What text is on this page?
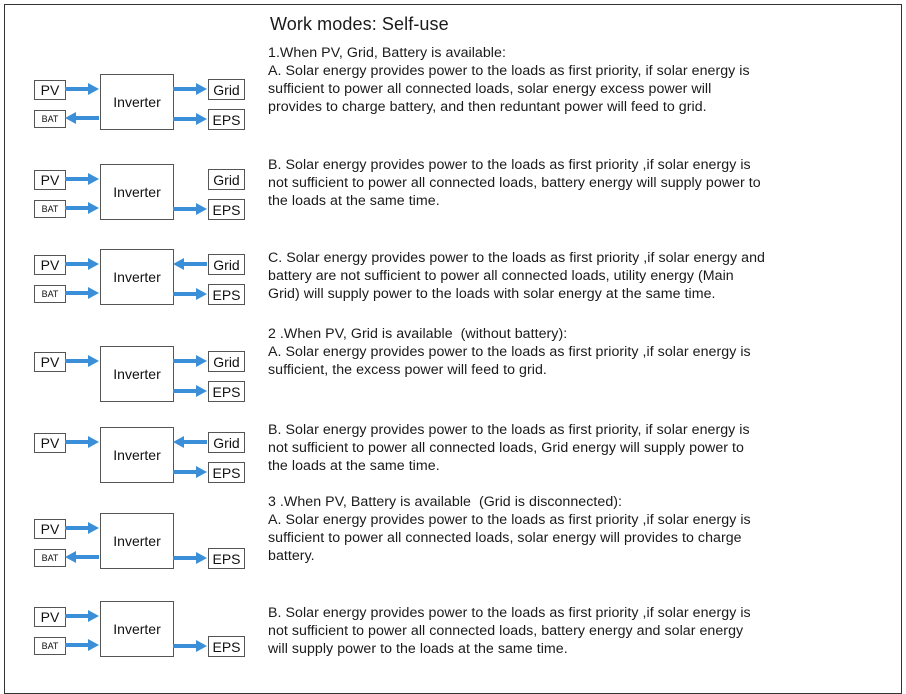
Work modes: Self-use
1.When PV, Grid, Battery is available:
A. Solar energy provides power to the loads as first priority, if solar energy is
sufficient to power all connected loads, solar energy excess power will
provides to charge battery, and then reduntant power will feed to grid.
Inverter
PV
BAT
Grid
EPS
B. Solar energy provides power to the loads as first priority ,if solar energy is
not sufficient to power all connected loads, battery energy will supply power to
the loads at the same time.
Inverter
PV
BAT
Grid
EPS
C. Solar energy provides power to the loads as first priority ,if solar energy and
battery are not sufficient to power all connected loads, utility energy (Main
Grid) will supply power to the loads with solar energy at the same time.
Inverter
PV
BAT
Grid
EPS
2 .When PV, Grid is available  (without battery):
A. Solar energy provides power to the loads as first priority ,if solar energy is
sufficient, the excess power will feed to grid.
Inverter
PV	Grid
EPS
B. Solar energy provides power to the loads as first priority, if solar energy is
not sufficient to power all connected loads, Grid energy will supply power to
the loads at the same time.
Inverter
PV	Grid
EPS
3 .When PV, Battery is available  (Grid is disconnected):
A. Solar energy provides power to the loads as first priority ,if solar energy is
sufficient to power all connected loads, solar energy will provides to charge
battery.
Inverter
PV
BAT	EPS
B. Solar energy provides power to the loads as first priority ,if solar energy is
not sufficient to power all connected loads, battery energy and solar energy
will supply power to the loads at the same time.
Inverter
PV
BAT	EPS
